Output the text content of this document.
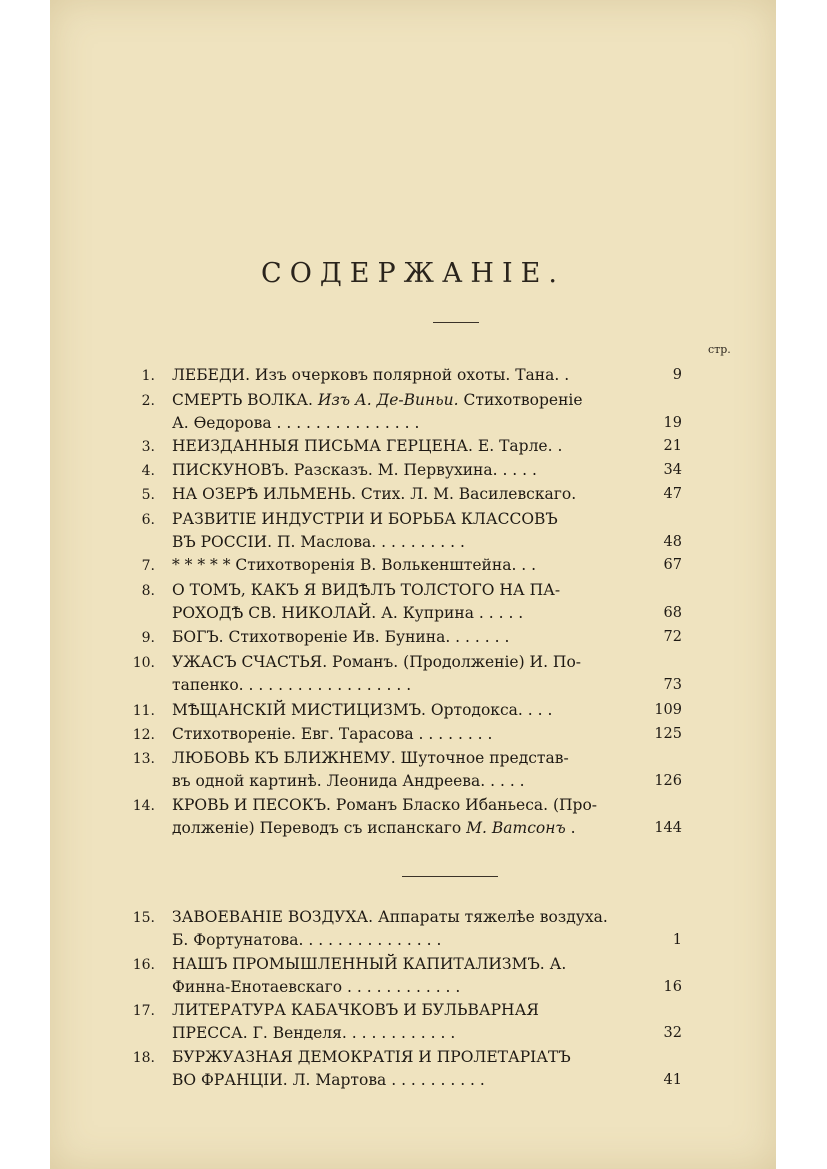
СОДЕРЖАНІЕ.
стр.
1. ЛЕБЕДИ. Изъ очерковъ полярной охоты. Тана. .	9
2. СМЕРТЬ ВОЛКА. Изъ А. Де-Виньи. Стихотвореніе
А. Өедорова . . . . . . . . . . . . . . .	19
3. НЕИЗДАННЫЯ ПИСЬМА ГЕРЦЕНА. Е. Тарле. .	21
4. ПИСКУНОВЪ. Разсказъ. М. Первухина. . . . .	34
5. НА ОЗЕРѢ ИЛЬМЕНЬ. Стих. Л. М. Василевскаго.	47
6. РАЗВИТІЕ ИНДУСТРІИ И БОРЬБА КЛАССОВЪ
ВЪ РОССІИ. П. Маслова. . . . . . . . . .	48
7. * * * * * Стихотворенія В. Волькенштейна. . .	67
8. О ТОМЪ, КАКЪ Я ВИДѢЛЪ ТОЛСТОГО НА ПА-
РОХОДѢ СВ. НИКОЛАЙ. А. Куприна . . . . .	68
9. БОГЪ. Стихотвореніе Ив. Бунина. . . . . . .	72
10. УЖАСЪ СЧАСТЬЯ. Романъ. (Продолженіе) И. По-
тапенко. . . . . . . . . . . . . . . . . .	73
11. МѢЩАНСКІЙ МИСТИЦИЗМЪ. Ортодокса. . . .	109
12. Стихотвореніе. Евг. Тарасова . . . . . . . .	125
13. ЛЮБОВЬ КЪ БЛИЖНЕМУ. Шуточное представ-
въ одной картинѣ. Леонида Андреева. . . . .	126
14. КРОВЬ И ПЕСОКЪ. Романъ Бласко Ибаньеса. (Про-
долженіе) Переводъ съ испанскаго М. Ватсонъ .	144
15. ЗАВОЕВАНІЕ ВОЗДУХА. Аппараты тяжелѣе воздуха.
Б. Фортунатова. . . . . . . . . . . . . . .	1
16. НАШЪ ПРОМЫШЛЕННЫЙ КАПИТАЛИЗМЪ. А.
Финна-Енотаевскаго . . . . . . . . . . . .	16
17. ЛИТЕРАТУРА КАБАЧКОВЪ И БУЛЬВАРНАЯ
ПРЕССА. Г. Венделя. . . . . . . . . . . .	32
18. БУРЖУАЗНАЯ ДЕМОКРАТІЯ И ПРОЛЕТАРІАТЪ
ВО ФРАНЦІИ. Л. Мартова . . . . . . . . . .	41
